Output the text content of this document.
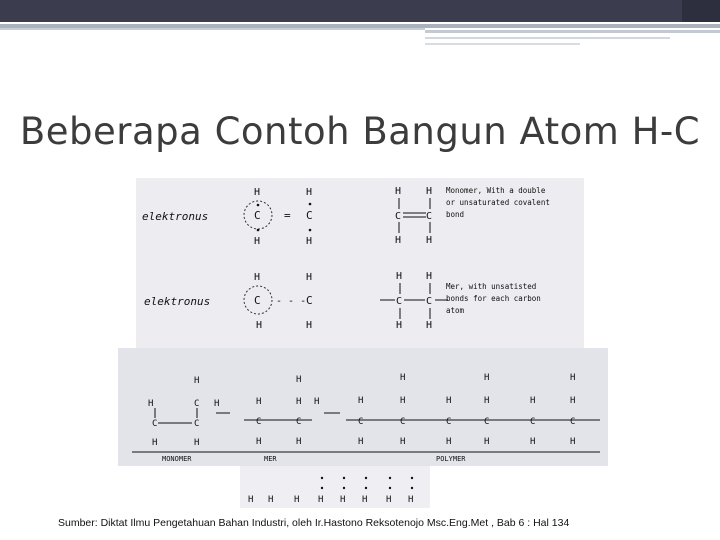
Beberapa Contoh Bangun Atom H-C
elektronus
H
C
H
=
H
C
H
H H
C C
H H
Monomer, With a double
or unsaturated covalent
bond
elektronus
H
C
H
- - -
H
C
H
H H
C C
H H
Mer, with unsatisted
bonds for each carbon
atom
H
H	C H
C	C
H	H
H
H	H H
C	C
H	H
H	H	H
H	H	H	H	H	H
C	C	C	C	C	C
H	H	H	H	H	H
MONOMER	MER	POLYMER
H H H H H H H H
Sumber: Diktat Ilmu Pengetahuan Bahan Industri, oleh Ir.Hastono Reksotenojo Msc.Eng.Met , Bab 6 : Hal 134
